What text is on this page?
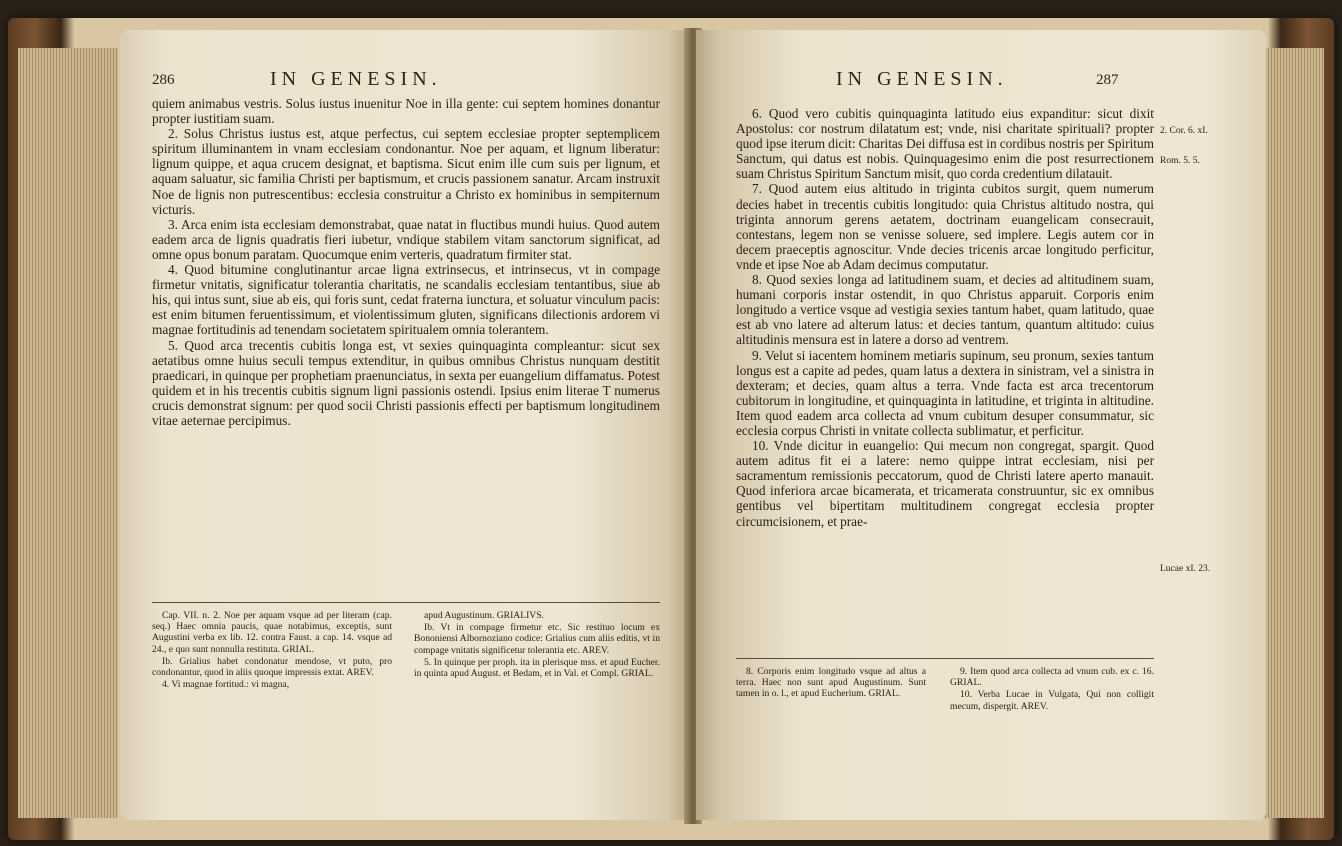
286	IN GENESIN.

quiem animabus vestris. Solus iustus inuenitur Noe in illa gente: cui septem homines donantur propter iustitiam suam.

2. Solus Christus iustus est, atque perfectus, cui septem ecclesiae propter septemplicem spiritum illuminantem in vnam ecclesiam condonantur. Noe per aquam, et lignum liberatur: lignum quippe, et aqua crucem designat, et baptisma. Sicut enim ille cum suis per lignum, et aquam saluatur, sic familia Christi per baptismum, et crucis passionem sanatur. Arcam instruxit Noe de lignis non putrescentibus: ecclesia construitur a Christo ex hominibus in sempiternum victuris.

3. Arca enim ista ecclesiam demonstrabat, quae natat in fluctibus mundi huius. Quod autem eadem arca de lignis quadratis fieri iubetur, vndique stabilem vitam sanctorum significat, ad omne opus bonum paratam. Quocumque enim verteris, quadratum firmiter stat.

4. Quod bitumine conglutinantur arcae ligna extrinsecus, et intrinsecus, vt in compage firmetur vnitatis, significatur tolerantia charitatis, ne scandalis ecclesiam tentantibus, siue ab his, qui intus sunt, siue ab eis, qui foris sunt, cedat fraterna iunctura, et soluatur vinculum pacis: est enim bitumen feruentissimum, et violentissimum gluten, significans dilectionis ardorem vi magnae fortitudinis ad tenendam societatem spiritualem omnia tolerantem.

5. Quod arca trecentis cubitis longa est, vt sexies quinquaginta compleantur: sicut sex aetatibus omne huius seculi tempus extenditur, in quibus omnibus Christus nunquam destitit praedicari, in quinque per prophetiam praenunciatus, in sexta per euangelium diffamatus. Potest quidem et in his trecentis cubitis signum ligni passionis ostendi. Ipsius enim literae T numerus crucis demonstrat signum: per quod socii Christi passionis effecti per baptismum longitudinem vitae aeternae percipimus.

Cap. VII. n. 2. Noe per aquam vsque ad per literam (cap. seq.) Haec omnia paucis, quae notabimus, exceptis, sunt Augustini verba ex lib. 12. contra Faust. a cap. 14. vsque ad 24., e quo sunt nonnulla restituta. GRIAL.

Ib. Grialius habet condonatur mendose, vt puto, pro condonantur, quod in aliis quoque impressis extat. AREV.

4. Vi magnae fortitud.: vi magna,

apud Augustinum. GRIALIVS.

Ib. Vt in compage firmetur etc. Sic restituo locum ex Bononiensi Albornoziano codice: Grialius cum aliis editis, vt in compage vnitatis significetur tolerantia etc. AREV.

5. In quinque per proph. ita in plerisque mss. et apud Eucher. in quinta apud August. et Bedam, et in Val. et Compl. GRIAL.

IN GENESIN.	287

6. Quod vero cubitis quinquaginta latitudo eius expanditur: sicut dixit Apostolus: cor nostrum dilatatum est; vnde, nisi charitate spirituali? propter quod ipse iterum dicit: Charitas Dei diffusa est in cordibus nostris per Spiritum Sanctum, qui datus est nobis. Quinquagesimo enim die post resurrectionem suam Christus Spiritum Sanctum misit, quo corda credentium dilatauit.

7. Quod autem eius altitudo in triginta cubitos surgit, quem numerum decies habet in trecentis cubitis longitudo: quia Christus altitudo nostra, qui triginta annorum gerens aetatem, doctrinam euangelicam consecrauit, contestans, legem non se venisse soluere, sed implere. Legis autem cor in decem praeceptis agnoscitur. Vnde decies tricenis arcae longitudo perficitur, vnde et ipse Noe ab Adam decimus computatur.

8. Quod sexies longa ad latitudinem suam, et decies ad altitudinem suam, humani corporis instar ostendit, in quo Christus apparuit. Corporis enim longitudo a vertice vsque ad vestigia sexies tantum habet, quam latitudo, quae est ab vno latere ad alterum latus: et decies tantum, quantum altitudo: cuius altitudinis mensura est in latere a dorso ad ventrem.

9. Velut si iacentem hominem metiaris supinum, seu pronum, sexies tantum longus est a capite ad pedes, quam latus a dextera in sinistram, vel a sinistra in dexteram; et decies, quam altus a terra. Vnde facta est arca trecentorum cubitorum in longitudine, et quinquaginta in latitudine, et triginta in altitudine. Item quod eadem arca collecta ad vnum cubitum desuper consummatur, sic ecclesia corpus Christi in vnitate collecta sublimatur, et perficitur.

10. Vnde dicitur in euangelio: Qui mecum non congregat, spargit. Quod autem aditus fit ei a latere: nemo quippe intrat ecclesiam, nisi per sacramentum remissionis peccatorum, quod de Christi latere aperto manauit. Quod inferiora arcae bicamerata, et tricamerata construuntur, sic ex omnibus gentibus vel bipertitam multitudinem congregat ecclesia propter circumcisionem, et prae-

2. Cor. 6. xI.
Rom. 5. 5.
Lucae xI. 23.

8. Corporis enim longitudo vsque ad altus a terra. Haec non sunt apud Augustinum. Sunt tamen in o. l., et apud Eucherium. GRIAL.

9. Item quod arca collecta ad vnum cub. ex c. 16. GRIAL.

10. Verba Lucae in Vulgata, Qui non colligit mecum, dispergit. AREV.
